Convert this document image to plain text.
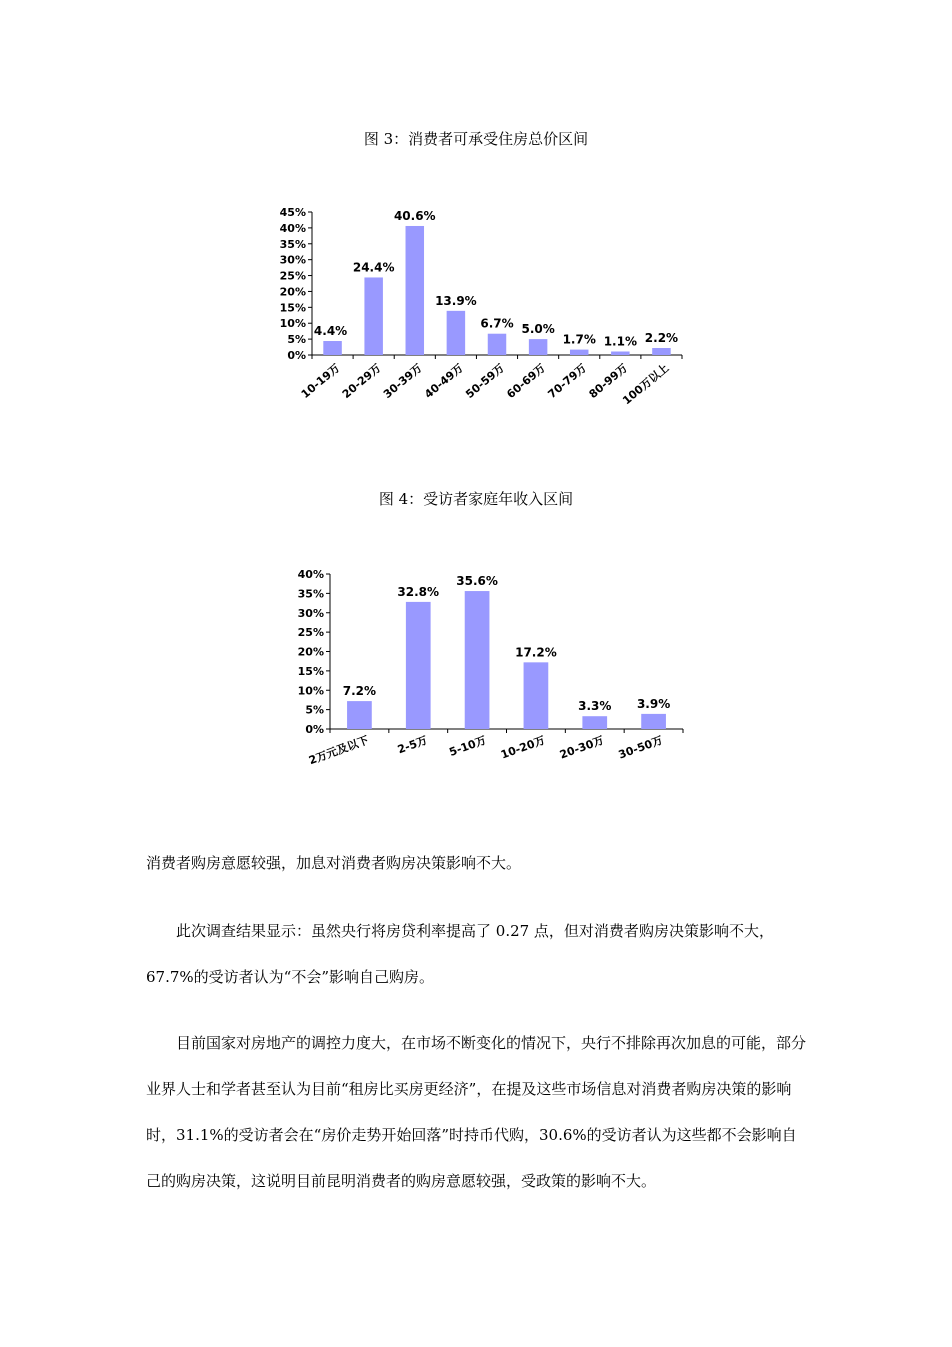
图 3：消费者可承受住房总价区间
0%
5%
10%
15%
20%
25%
30%
35%
40%
45%
4.4%
10-19万
24.4%
20-29万
40.6%
30-39万
13.9%
40-49万
6.7%
50-59万
5.0%
60-69万
1.7%
70-79万
1.1%
80-99万
2.2%
100万以上
图 4：受访者家庭年收入区间
0%
5%
10%
15%
20%
25%
30%
35%
40%
7.2%
2万元及以下
32.8%
2-5万
35.6%
5-10万
17.2%
10-20万
3.3%
20-30万
3.9%
30-50万

消费者购房意愿较强，加息对消费者购房决策影响不大。

此次调查结果显示：虽然央行将房贷利率提高了 0.27 点，但对消费者购房决策影响不大，67.7%的受访者认为“不会”影响自己购房。

目前国家对房地产的调控力度大，在市场不断变化的情况下，央行不排除再次加息的可能，部分业界人士和学者甚至认为目前“租房比买房更经济”，在提及这些市场信息对消费者购房决策的影响时，31.1%的受访者会在“房价走势开始回落”时持币代购，30.6%的受访者认为这些都不会影响自己的购房决策，这说明目前昆明消费者的购房意愿较强，受政策的影响不大。
